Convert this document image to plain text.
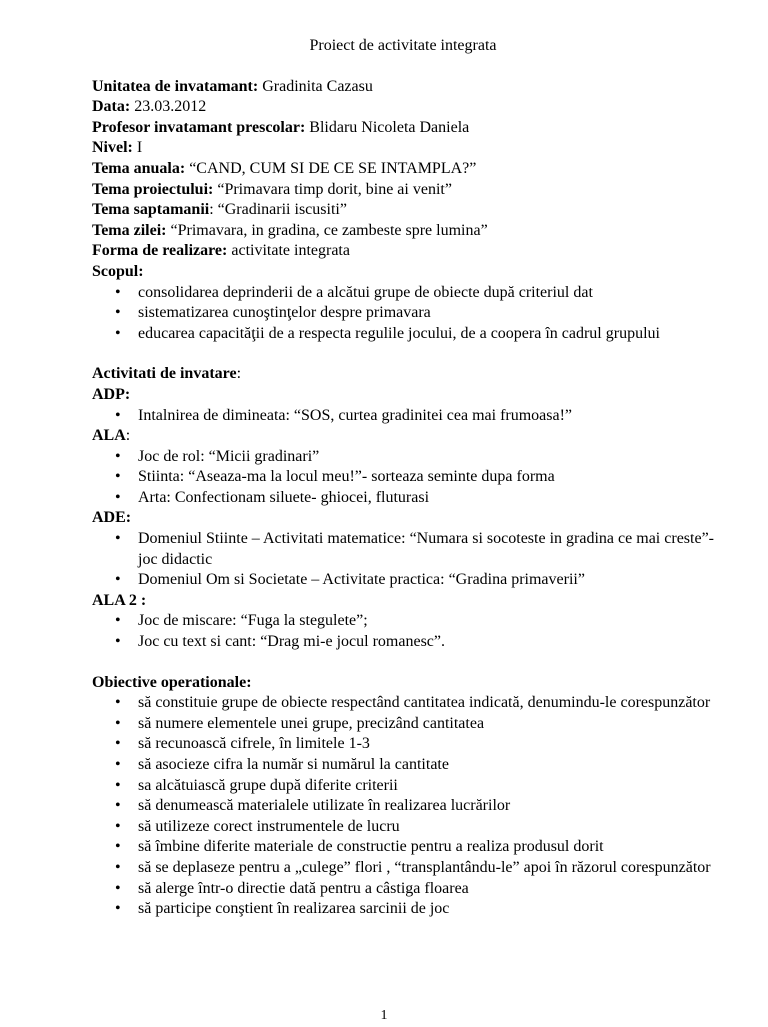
Proiect de activitate integrata
Unitatea de invatamant: Gradinita Cazasu
Data: 23.03.2012
Profesor invatamant prescolar: Blidaru Nicoleta Daniela
Nivel: I
Tema anuala: “CAND, CUM SI DE CE SE INTAMPLA?”
Tema proiectului: “Primavara timp dorit, bine ai venit”
Tema saptamanii: “Gradinarii iscusiti”
Tema zilei: “Primavara, in gradina, ce zambeste spre lumina”
Forma de realizare: activitate integrata
Scopul:
• consolidarea deprinderii de a alcătui grupe de obiecte după criteriul dat
• sistematizarea cunoştinţelor despre primavara
• educarea capacităţii de a respecta regulile jocului, de a coopera în cadrul grupului
Activitati de invatare:
ADP:
• Intalnirea de dimineata: “SOS, curtea gradinitei cea mai frumoasa!”
ALA:
• Joc de rol: “Micii gradinari”
• Stiinta: “Aseaza-ma la locul meu!”- sorteaza seminte dupa forma
• Arta: Confectionam siluete- ghiocei, fluturasi
ADE:
• Domeniul Stiinte – Activitati matematice: “Numara si socoteste in gradina ce mai creste”-joc didactic
• Domeniul Om si Societate – Activitate practica: “Gradina primaverii”
ALA 2 :
• Joc de miscare: “Fuga la stegulete”;
• Joc cu text si cant: “Drag mi-e jocul romanesc”.
Obiective operationale:
• să constituie grupe de obiecte respectând cantitatea indicată, denumindu-le corespunzător
• să numere elementele unei grupe, precizând cantitatea
• să recunoască cifrele, în limitele 1-3
• să asocieze cifra la număr si numărul la cantitate
• sa alcătuiască grupe după diferite criterii
• să denumească materialele utilizate în realizarea lucrărilor
• să utilizeze corect instrumentele de lucru
• să îmbine diferite materiale de constructie pentru a realiza produsul dorit
• să se deplaseze pentru a „culege” flori , “transplantându-le” apoi în răzorul corespunzător
• să alerge într-o directie dată pentru a câstiga floarea
• să participe conştient în realizarea sarcinii de joc
1
